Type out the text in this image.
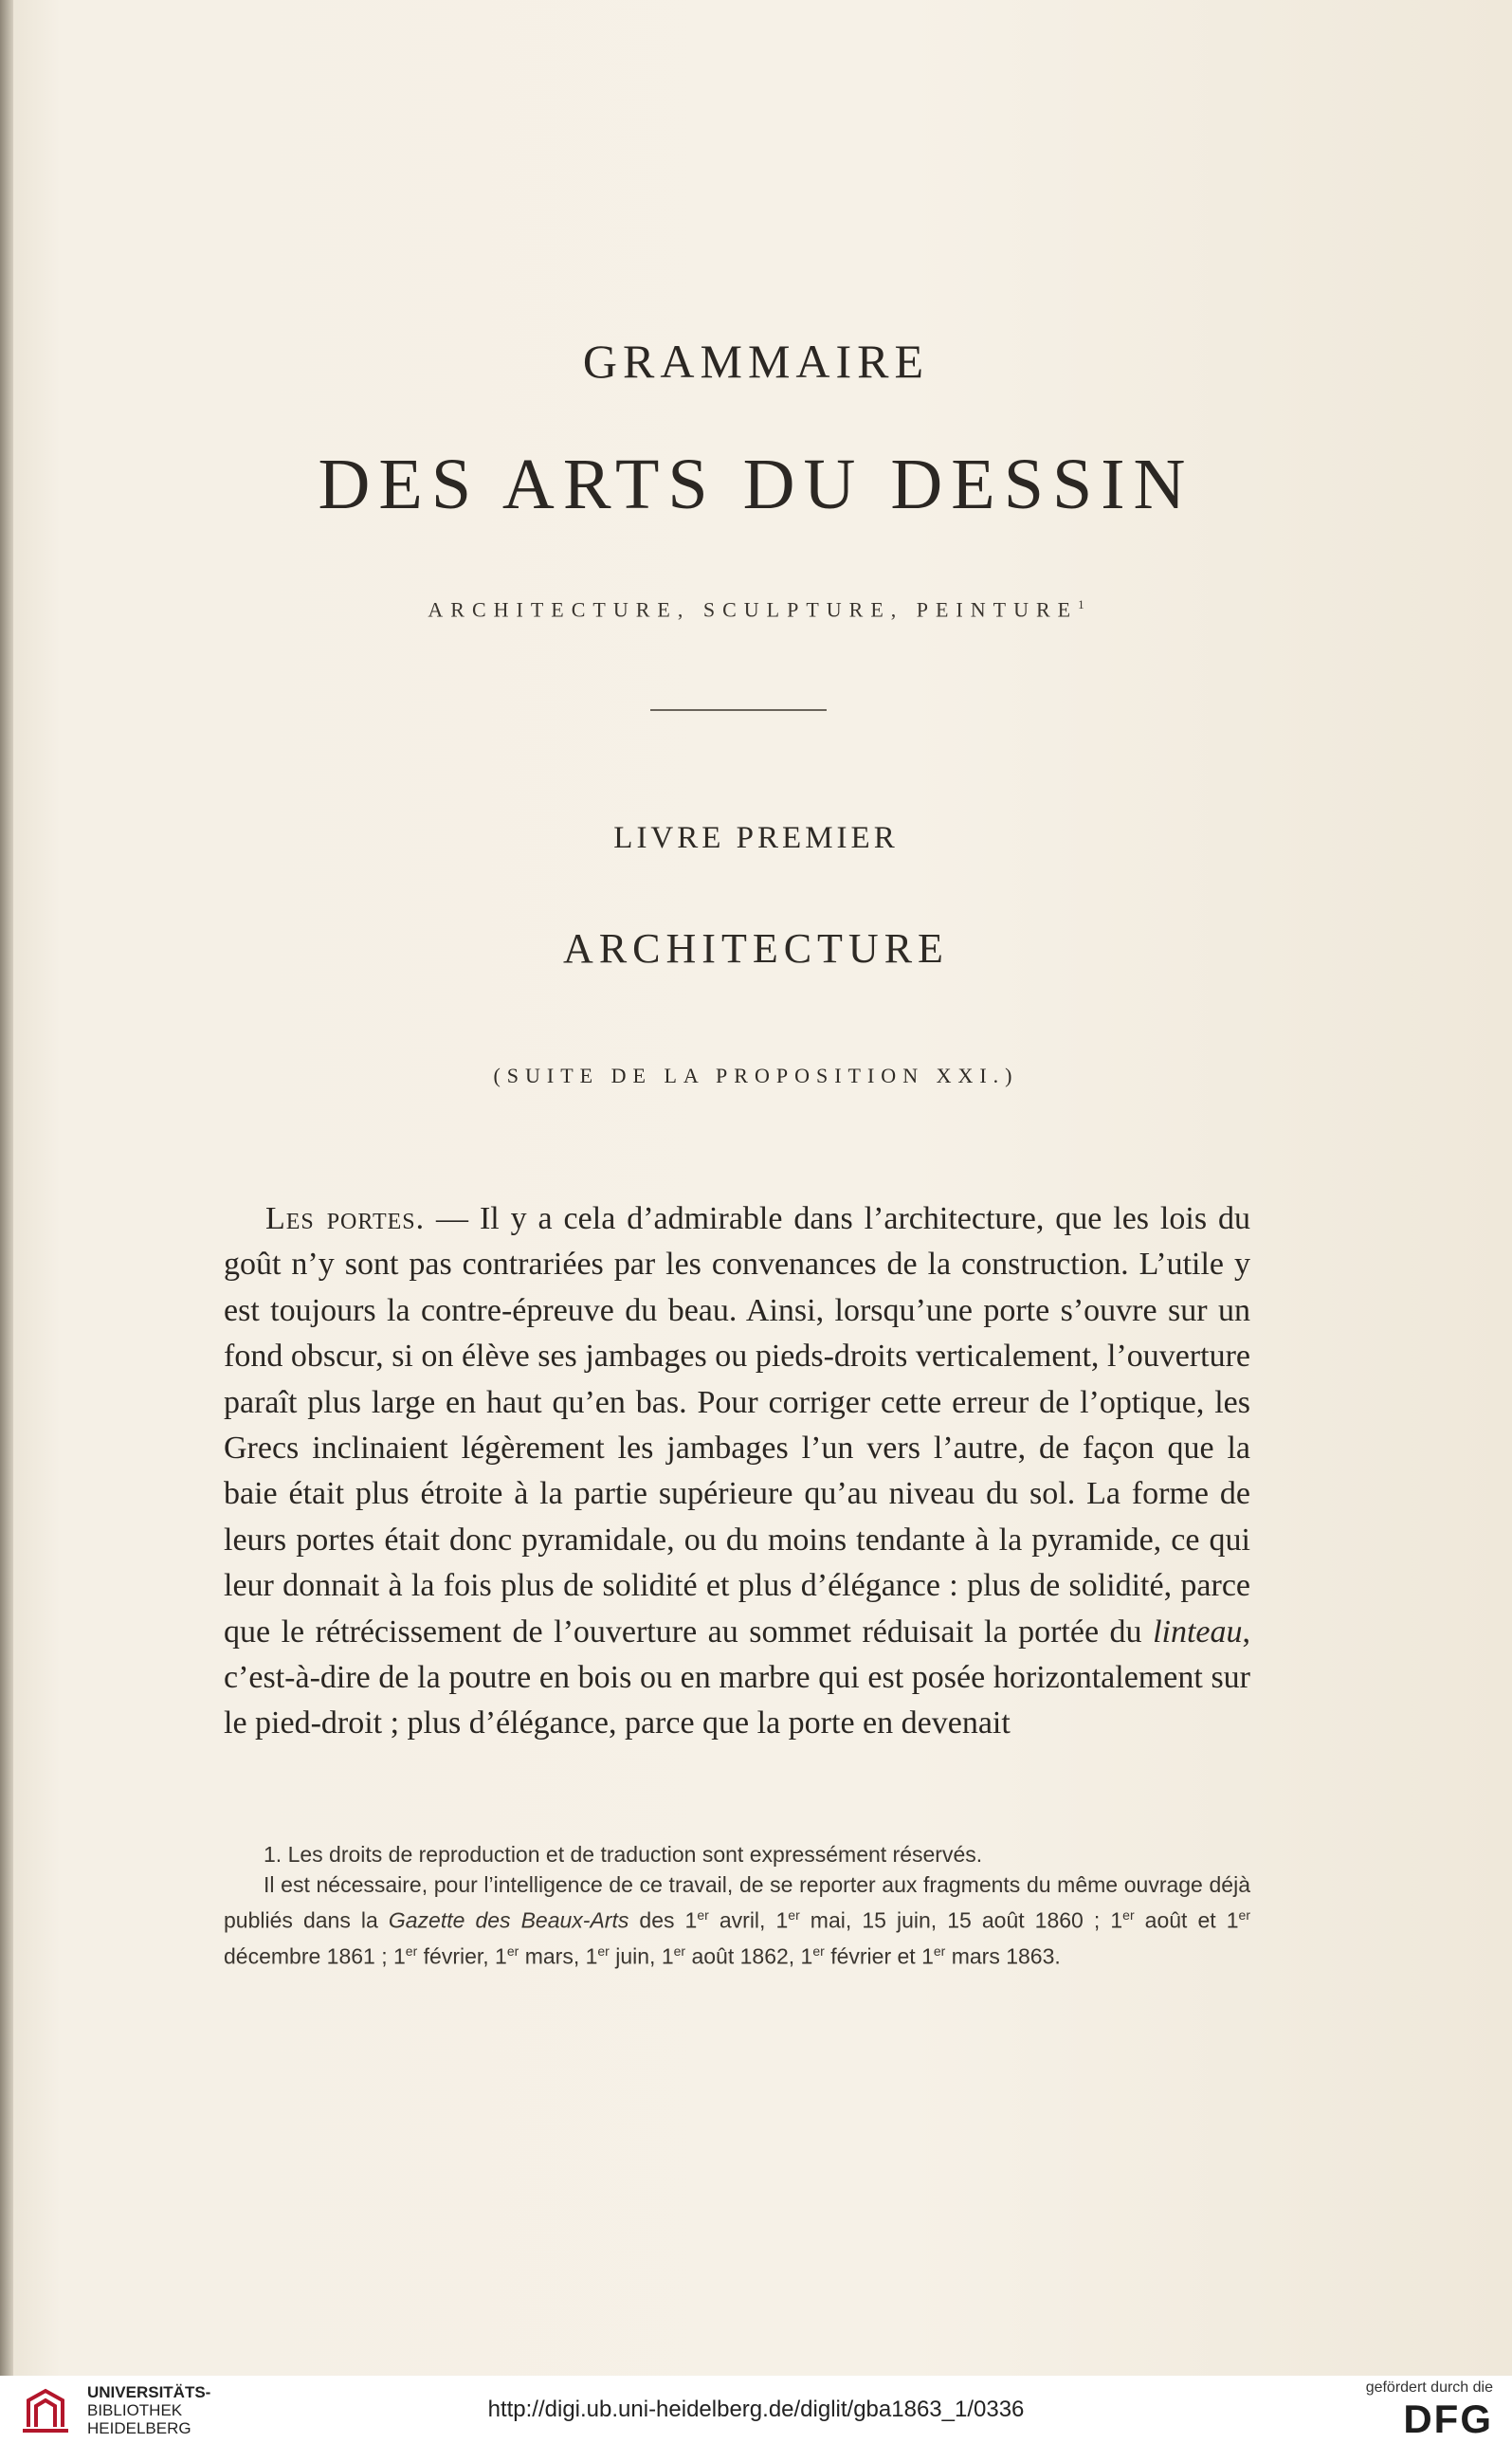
GRAMMAIRE
DES ARTS DU DESSIN
ARCHITECTURE, SCULPTURE, PEINTURE$^1$
LIVRE PREMIER
ARCHITECTURE
(SUITE DE LA PROPOSITION XXI.)
Les portes. — Il y a cela d’admirable dans l’architecture, que les lois du goût n’y sont pas contrariées par les convenances de la construction. L’utile y est toujours la contre-épreuve du beau. Ainsi, lorsqu’une porte s’ouvre sur un fond obscur, si on élève ses jambages ou pieds-droits verticalement, l’ouverture paraît plus large en haut qu’en bas. Pour corriger cette erreur de l’optique, les Grecs inclinaient légèrement les jambages l’un vers l’autre, de façon que la baie était plus étroite à la partie supérieure qu’au niveau du sol. La forme de leurs portes était donc pyramidale, ou du moins tendante à la pyramide, ce qui leur donnait à la fois plus de solidité et plus d’élégance : plus de solidité, parce que le rétrécissement de l’ouverture au sommet réduisait la portée du linteau, c’est-à-dire de la poutre en bois ou en marbre qui est posée horizontalement sur le pied-droit ; plus d’élégance, parce que la porte en devenait
1. Les droits de reproduction et de traduction sont expressément réservés.
Il est nécessaire, pour l’intelligence de ce travail, de se reporter aux fragments du même ouvrage déjà publiés dans la Gazette des Beaux-Arts des 1er avril, 1er mai, 15 juin, 15 août 1860 ; 1er août et 1er décembre 1861 ; 1er février, 1er mars, 1er juin, 1er août 1862, 1er février et 1er mars 1863.
UNIVERSITÄTS-
BIBLIOTHEK
HEIDELBERG
http://digi.ub.uni-heidelberg.de/diglit/gba1863_1/0336
gefördert durch die
DFG
